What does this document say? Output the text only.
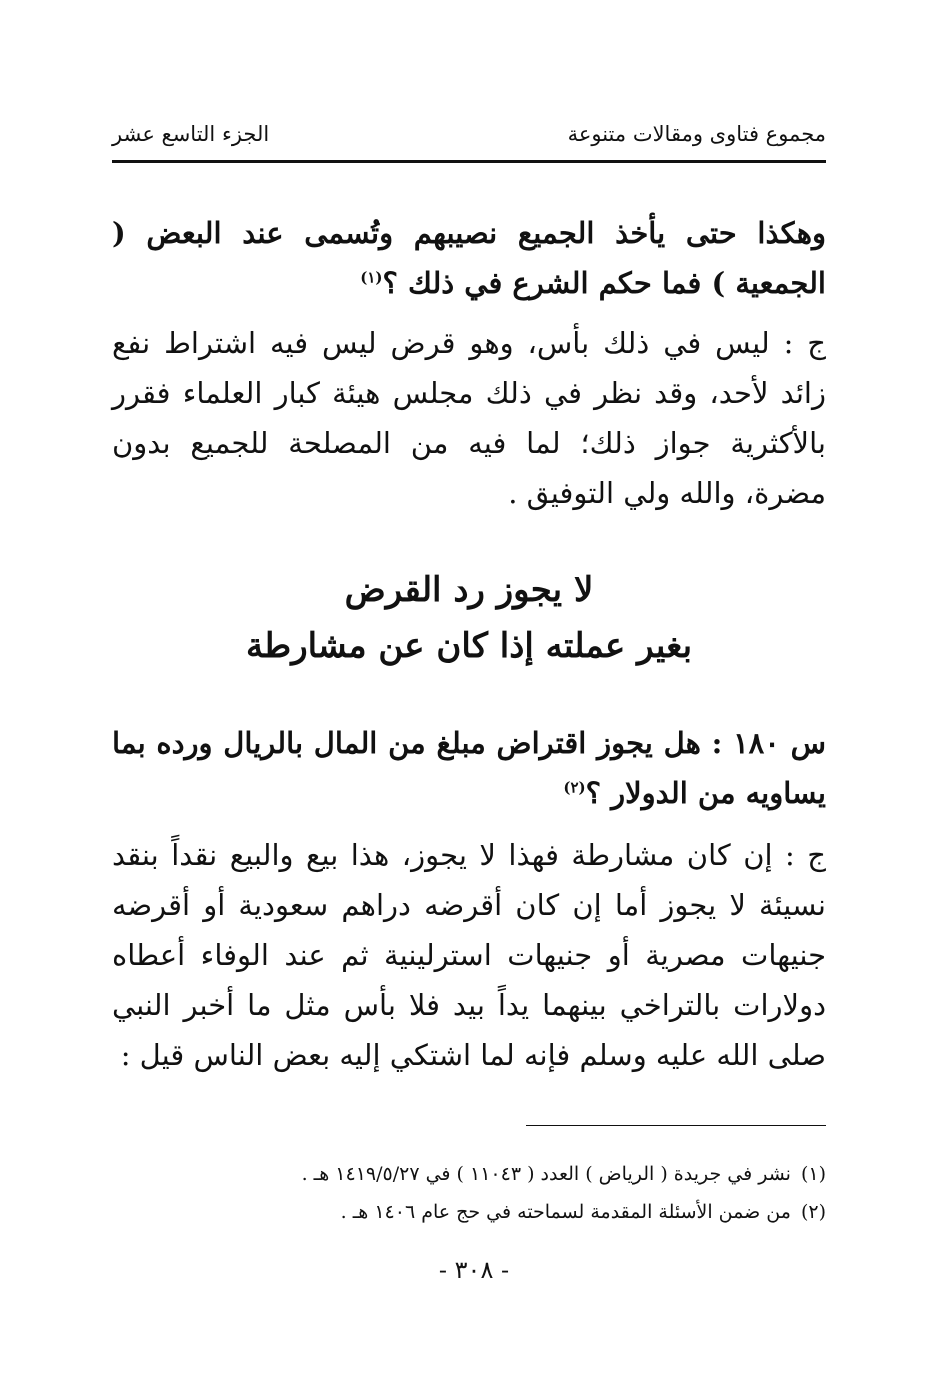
مجموع فتاوى ومقالات متنوعة
الجزء التاسع عشر
وهكذا حتى يأخذ الجميع نصيبهم وتُسمى عند البعض ( الجمعية ) فما حكم الشرع في ذلك ؟$^{(١)}$
ج : ليس في ذلك بأس، وهو قرض ليس فيه اشتراط نفع زائد لأحد، وقد نظر في ذلك مجلس هيئة كبار العلماء فقرر بالأكثرية جواز ذلك؛ لما فيه من المصلحة للجميع بدون مضرة، والله ولي التوفيق .
لا يجوز رد القرض
بغير عملته إذا كان عن مشارطة
س ١٨٠ : هل يجوز اقتراض مبلغ من المال بالريال ورده بما يساويه من الدولار ؟$^{(٢)}$
ج : إن كان مشارطة فهذا لا يجوز، هذا بيع والبيع نقداً بنقد نسيئة لا يجوز أما إن كان أقرضه دراهم سعودية أو أقرضه جنيهات مصرية أو جنيهات استرلينية ثم عند الوفاء أعطاه دولارات بالتراخي بينهما يداً بيد فلا بأس مثل ما أخبر النبي صلى الله عليه وسلم فإنه لما اشتكي إليه بعض الناس قيل :
(١)نشر في جريدة ( الرياض ) العدد ( ١١٠٤٣ ) في ١٤١٩/٥/٢٧ هـ .
(٢)من ضمن الأسئلة المقدمة لسماحته في حج عام ١٤٠٦ هـ .
- ٣٠٨ -
